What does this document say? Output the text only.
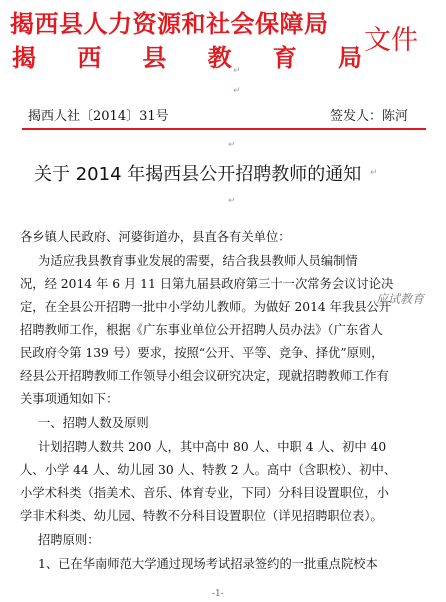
揭西县人力资源和社会保障局
揭 西 县 教 育 局
文件
↵
↵
揭西人社〔2014〕31号	签发人：陈河
↵
关于 2014 年揭西县公开招聘教师的通知 ↵
↵
各乡镇人民政府、河婆街道办，县直各有关单位：
为适应我县教育事业发展的需要，结合我县教师人员编制情
况，经 2014 年 6 月 11 日第九届县政府第三十一次常务会议讨论决
定，在全县公开招聘一批中小学幼儿教师。为做好 2014 年我县公开
招聘教师工作，根据《广东事业单位公开招聘人员办法》（广东省人
民政府令第 139 号）要求，按照“公开、平等、竞争、择优”原则，
经县公开招聘教师工作领导小组会议研究决定，现就招聘教师工作有
关事项通知如下：
一、招聘人数及原则
计划招聘人数共 200 人，其中高中 80 人、中职 4 人、初中 40
人、小学 44 人、幼儿园 30 人、特教 2 人。高中（含职校）、初中、
小学术科类（指美术、音乐、体育专业，下同）分科目设置职位，小
学非术科类、幼儿园、特教不分科目设置职位（详见招聘职位表）。
招聘原则：
1、已在华南师范大学通过现场考试招录签约的一批重点院校本
应试教育
-1-
